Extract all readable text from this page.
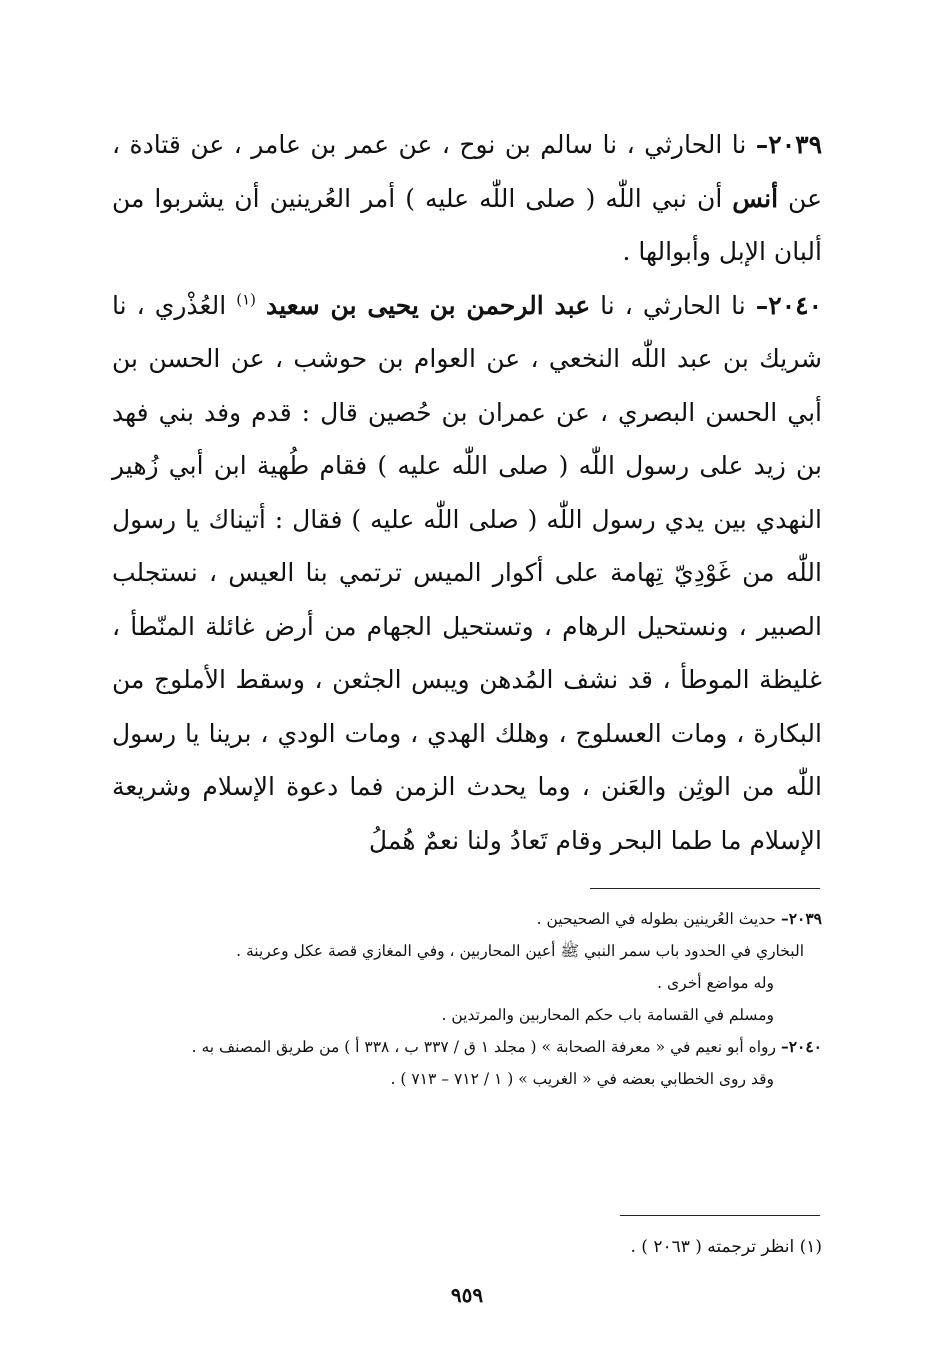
٢٠٣٩– نا الحارثي ، نا سالم بن نوح ، عن عمر بن عامر ، عن قتادة ، عن أنس أن نبي اللّٰه ( صلى اللّٰه عليه ) أمر العُرينين أن يشربوا من ألبان الإبل وأبوالها .

٢٠٤٠– نا الحارثي ، نا عبد الرحمن بن يحيى بن سعيد $^{(١)}$ العُذْري ، نا شريك بن عبد اللّٰه النخعي ، عن العوام بن حوشب ، عن الحسن بن أبي الحسن البصري ، عن عمران بن حُصين قال : قدم وفد بني فهد بن زيد على رسول اللّٰه ( صلى اللّٰه عليه ) فقام طُهية ابن أبي زُهير النهدي بين يدي رسول اللّٰه ( صلى اللّٰه عليه ) فقال : أتيناك يا رسول اللّٰه من غَوْدِيّ تِهامة على أكوار الميس ترتمي بنا العيس ، نستجلب الصبير ، ونستحيل الرهام ، وتستحيل الجهام من أرض غائلة المنّطأ ، غليظة الموطأ ، قد نشف المُدهن ويبس الجثعن ، وسقط الأملوج من البكارة ، ومات العسلوج ، وهلك الهدي ، ومات الودي ، برينا يا رسول اللّٰه من الوثِن والعَنن ، وما يحدث الزمن فما دعوة الإسلام وشريعة الإسلام ما طما البحر وقام تَعادُ ولنا نعمٌ هُملُ

٢٠٣٩– حديث العُرينين بطوله في الصحيحين .

البخاري في الحدود باب سمر النبي ﷺ أعين المحاربين ، وفي المغازي قصة عكل وعرينة .

وله مواضع أخرى .

ومسلم في القسامة باب حكم المحاربين والمرتدين .

٢٠٤٠– رواه أبو نعيم في « معرفة الصحابة » ( مجلد ١ ق / ٣٣٧ ب ، ٣٣٨ أ ) من طريق المصنف به .

وقد روى الخطابي بعضه في « الغريب » ( ١ / ٧١٢ – ٧١٣ ) .

(١) انظر ترجمته ( ٢٠٦٣ ) .
٩٥٩
